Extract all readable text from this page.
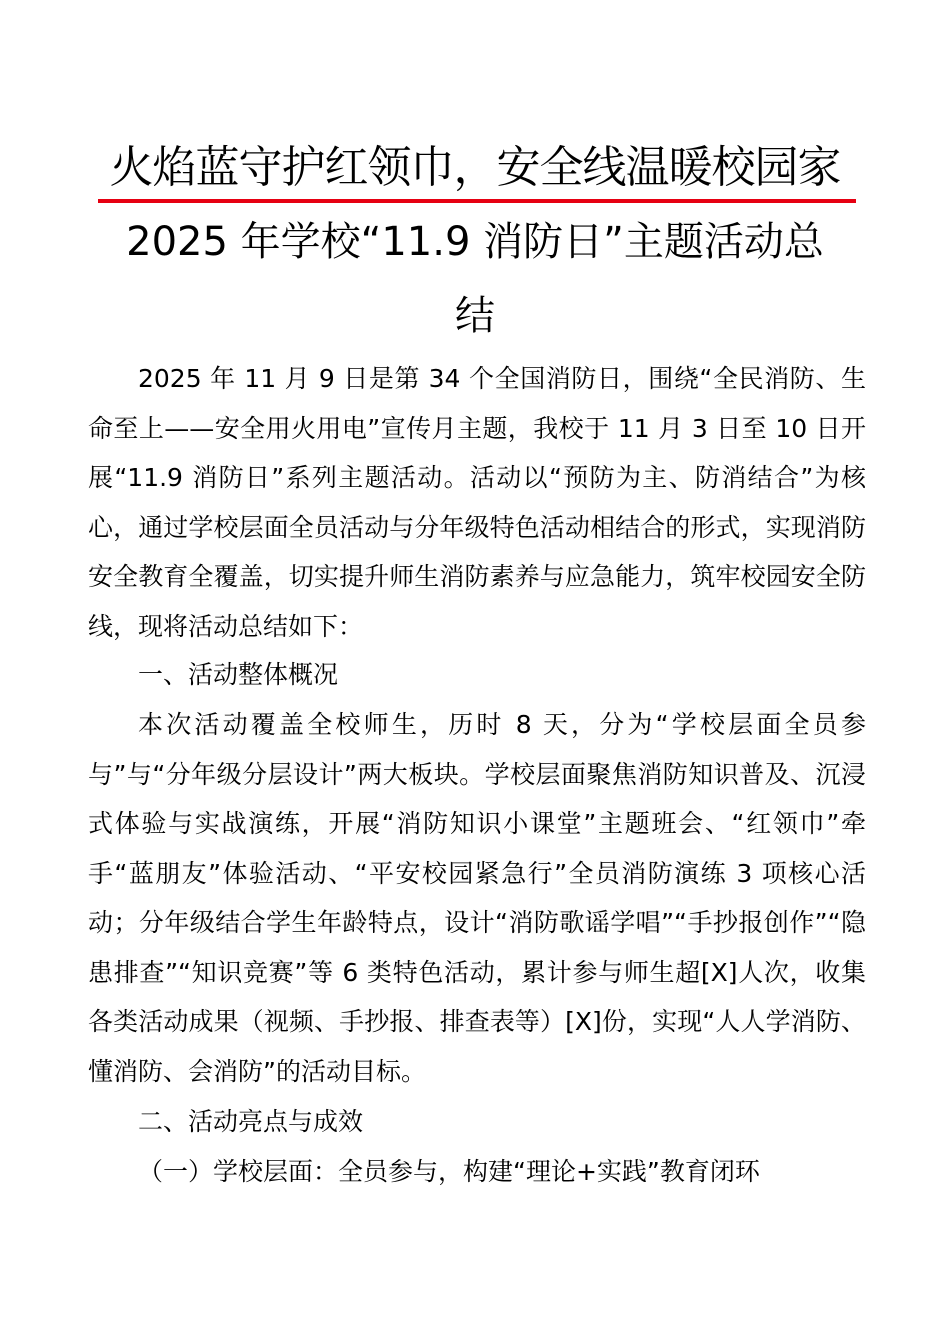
火焰蓝守护红领巾，安全线温暖校园家
2025 年学校“11.9 消防日”主题活动总
结

2025 年 11 月 9 日是第 34 个全国消防日，围绕“全民消防、生命至上——安全用火用电”宣传月主题，我校于 11 月 3 日至 10 日开展“11.9 消防日”系列主题活动。活动以“预防为主、防消结合”为核心，通过学校层面全员活动与分年级特色活动相结合的形式，实现消防安全教育全覆盖，切实提升师生消防素养与应急能力，筑牢校园安全防线，现将活动总结如下：

一、活动整体概况

本次活动覆盖全校师生，历时 8 天，分为“学校层面全员参与”与“分年级分层设计”两大板块。学校层面聚焦消防知识普及、沉浸式体验与实战演练，开展“消防知识小课堂”主题班会、“红领巾”牵手“蓝朋友”体验活动、“平安校园紧急行”全员消防演练 3 项核心活动；分年级结合学生年龄特点，设计“消防歌谣学唱”“手抄报创作”“隐患排查”“知识竞赛”等 6 类特色活动，累计参与师生超[X]人次，收集各类活动成果（视频、手抄报、排查表等）[X]份，实现“人人学消防、懂消防、会消防”的活动目标。

二、活动亮点与成效

（一）学校层面：全员参与，构建“理论+实践”教育闭环
